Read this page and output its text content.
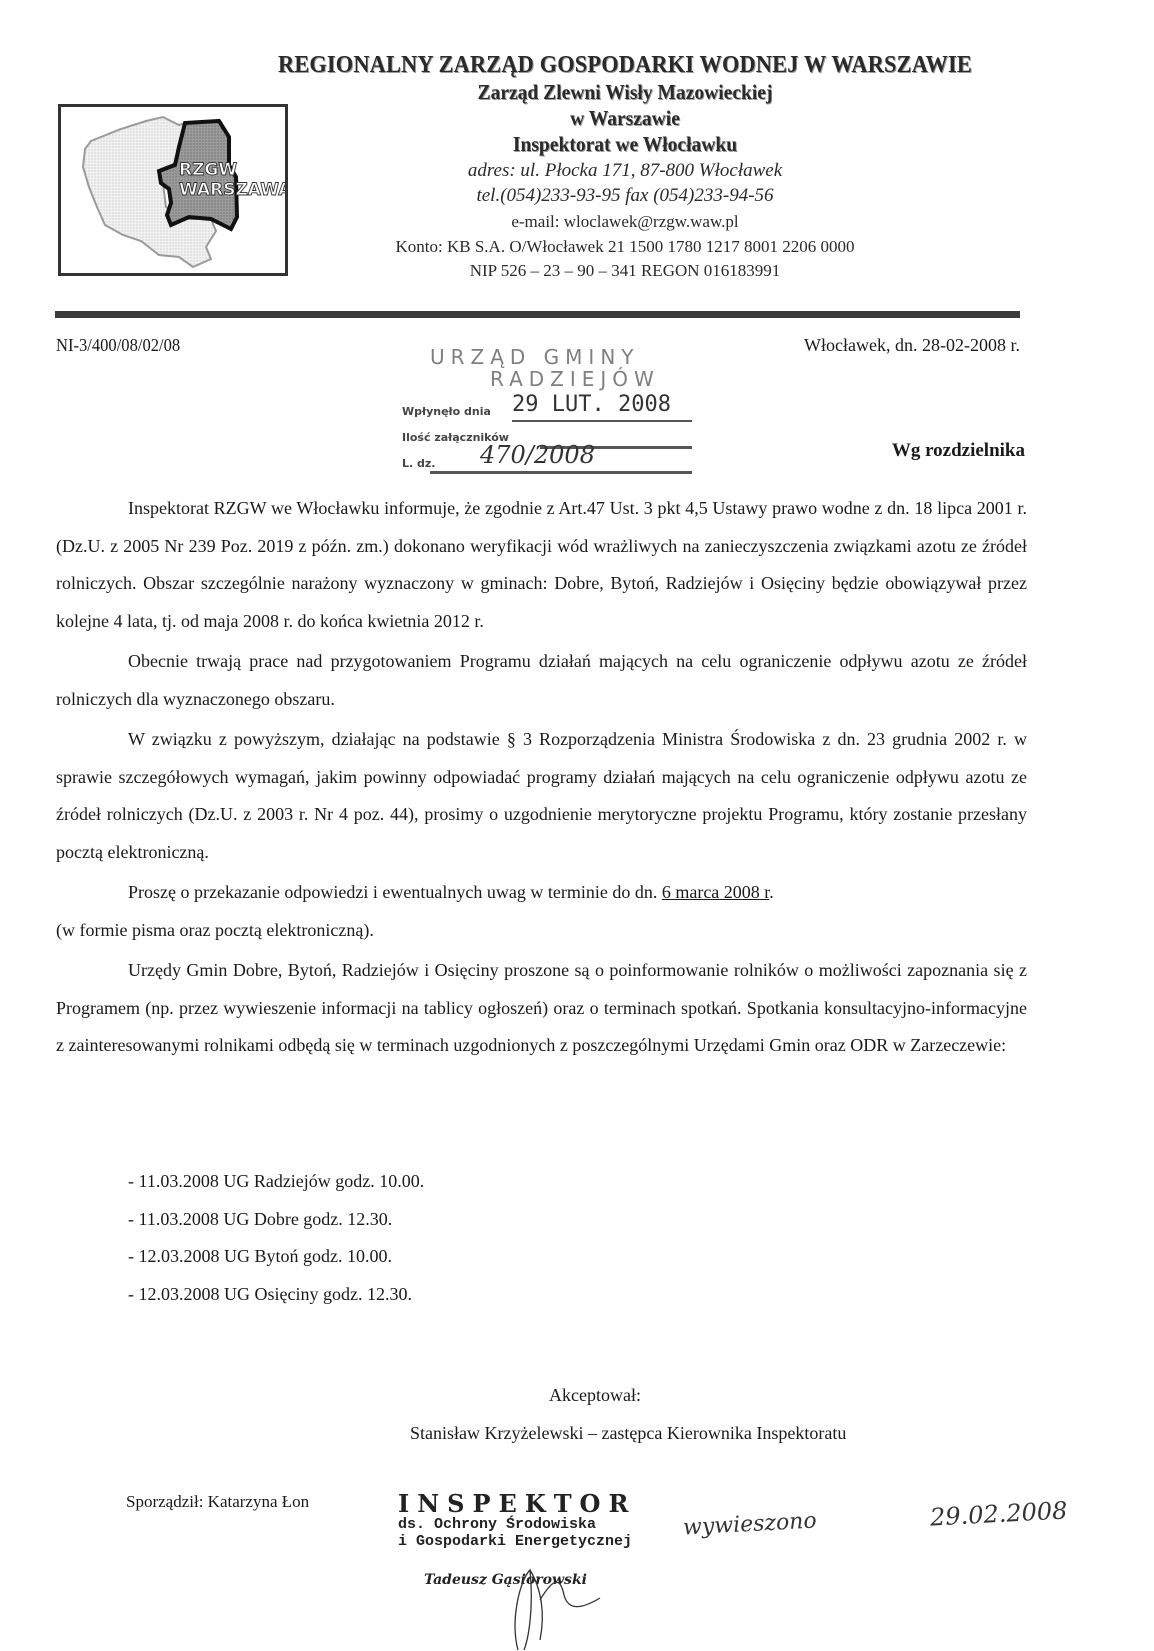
REGIONALNY ZARZĄD GOSPODARKI WODNEJ W WARSZAWIE
Zarząd Zlewni Wisły Mazowieckiej
w Warszawie
Inspektorat we Włocławku
adres: ul. Płocka 171, 87-800 Włocławek
tel.(054)233-93-95 fax (054)233-94-56
e-mail: wloclawek@rzgw.waw.pl
Konto: KB S.A. O/Włocławek 21 1500 1780 1217 8001 2206 0000
NIP 526 – 23 – 90 – 341 REGON 016183991
RZGW
WARSZAWA
NI-3/400/08/02/08	Włocławek, dn. 28-02-2008 r.
Wg rozdzielnika
URZĄD GMINY
RADZIEJÓW
Wpłynęło dnia 29 LUT. 2008
Ilość załączników
L. dz. 470/2008

Inspektorat RZGW we Włocławku informuje, że zgodnie z Art.47 Ust. 3 pkt 4,5 Ustawy prawo wodne z dn. 18 lipca 2001 r. (Dz.U. z 2005 Nr 239 Poz. 2019 z późn. zm.) dokonano weryfikacji wód wrażliwych na zanieczyszczenia związkami azotu ze źródeł rolniczych. Obszar szczególnie narażony wyznaczony w gminach: Dobre, Bytoń, Radziejów i Osięciny będzie obowiązywał przez kolejne 4 lata, tj. od maja 2008 r. do końca kwietnia 2012 r.

Obecnie trwają prace nad przygotowaniem Programu działań mających na celu ograniczenie odpływu azotu ze źródeł rolniczych dla wyznaczonego obszaru.

W związku z powyższym, działając na podstawie § 3 Rozporządzenia Ministra Środowiska z dn. 23 grudnia 2002 r. w sprawie szczegółowych wymagań, jakim powinny odpowiadać programy działań mających na celu ograniczenie odpływu azotu ze źródeł rolniczych (Dz.U. z 2003 r. Nr 4 poz. 44), prosimy o uzgodnienie merytoryczne projektu Programu, który zostanie przesłany pocztą elektroniczną.

Proszę o przekazanie odpowiedzi i ewentualnych uwag w terminie do dn. 6 marca 2008 r.

(w formie pisma oraz pocztą elektroniczną).

Urzędy Gmin Dobre, Bytoń, Radziejów i Osięciny proszone są o poinformowanie rolników o możliwości zapoznania się z Programem (np. przez wywieszenie informacji na tablicy ogłoszeń) oraz o terminach spotkań. Spotkania konsultacyjno-informacyjne z zainteresowanymi rolnikami odbędą się w terminach uzgodnionych z poszczególnymi Urzędami Gmin oraz ODR w Zarzeczewie:

- 11.03.2008 UG Radziejów godz. 10.00.
- 11.03.2008 UG Dobre godz. 12.30.
- 12.03.2008 UG Bytoń godz. 10.00.
- 12.03.2008 UG Osięciny godz. 12.30.
Akceptował:
Stanisław Krzyżelewski – zastępca Kierownika Inspektoratu
Sporządził: Katarzyna Łon	INSPEKTOR
ds. Ochrony Środowiska
i Gospodarki Energetycznej
Tadeusz Gąsiorowski
wywieszono	29.02.2008
